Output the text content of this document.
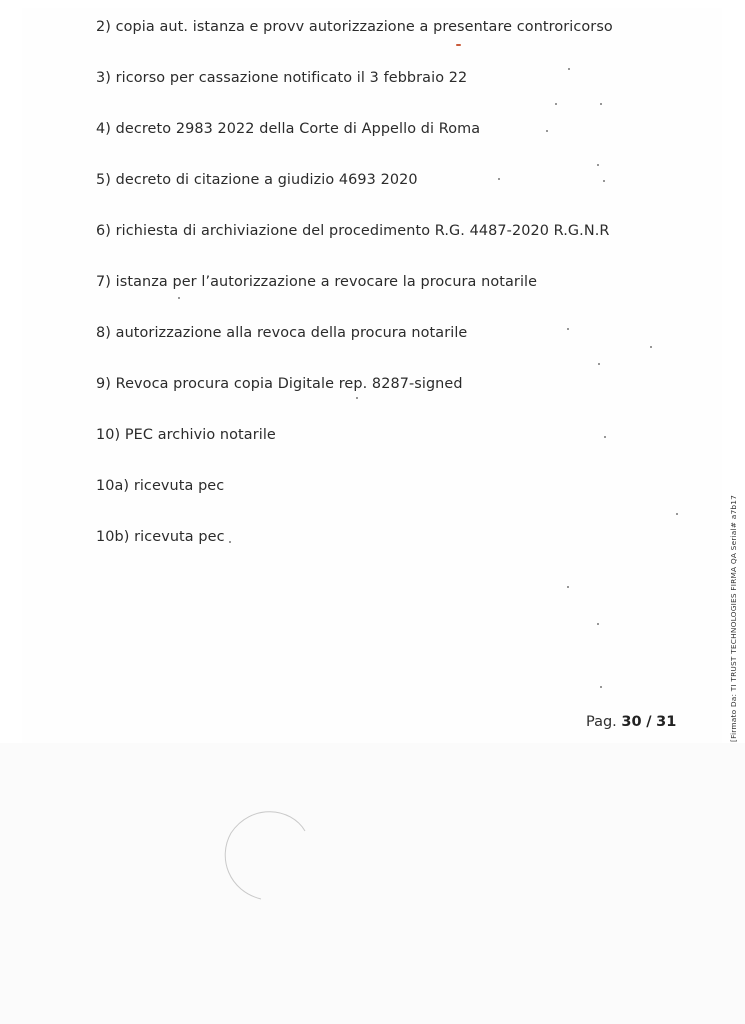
2) copia aut. istanza e provv autorizzazione a presentare controricorso
3) ricorso per cassazione notificato il 3 febbraio 22
4) decreto 2983 2022 della Corte di Appello di Roma
5) decreto di citazione a giudizio 4693 2020
6) richiesta di archiviazione del procedimento R.G. 4487-2020 R.G.N.R
7) istanza per l’autorizzazione a revocare la procura notarile
8) autorizzazione alla revoca della procura notarile
9) Revoca procura copia Digitale rep. 8287-signed
10) PEC archivio notarile
10a) ricevuta pec
10b) ricevuta pec
Pag. 30 / 31	[Firmato Da: TI TRUST TECHNOLOGIES FIRMA QA Serial# a7b17
